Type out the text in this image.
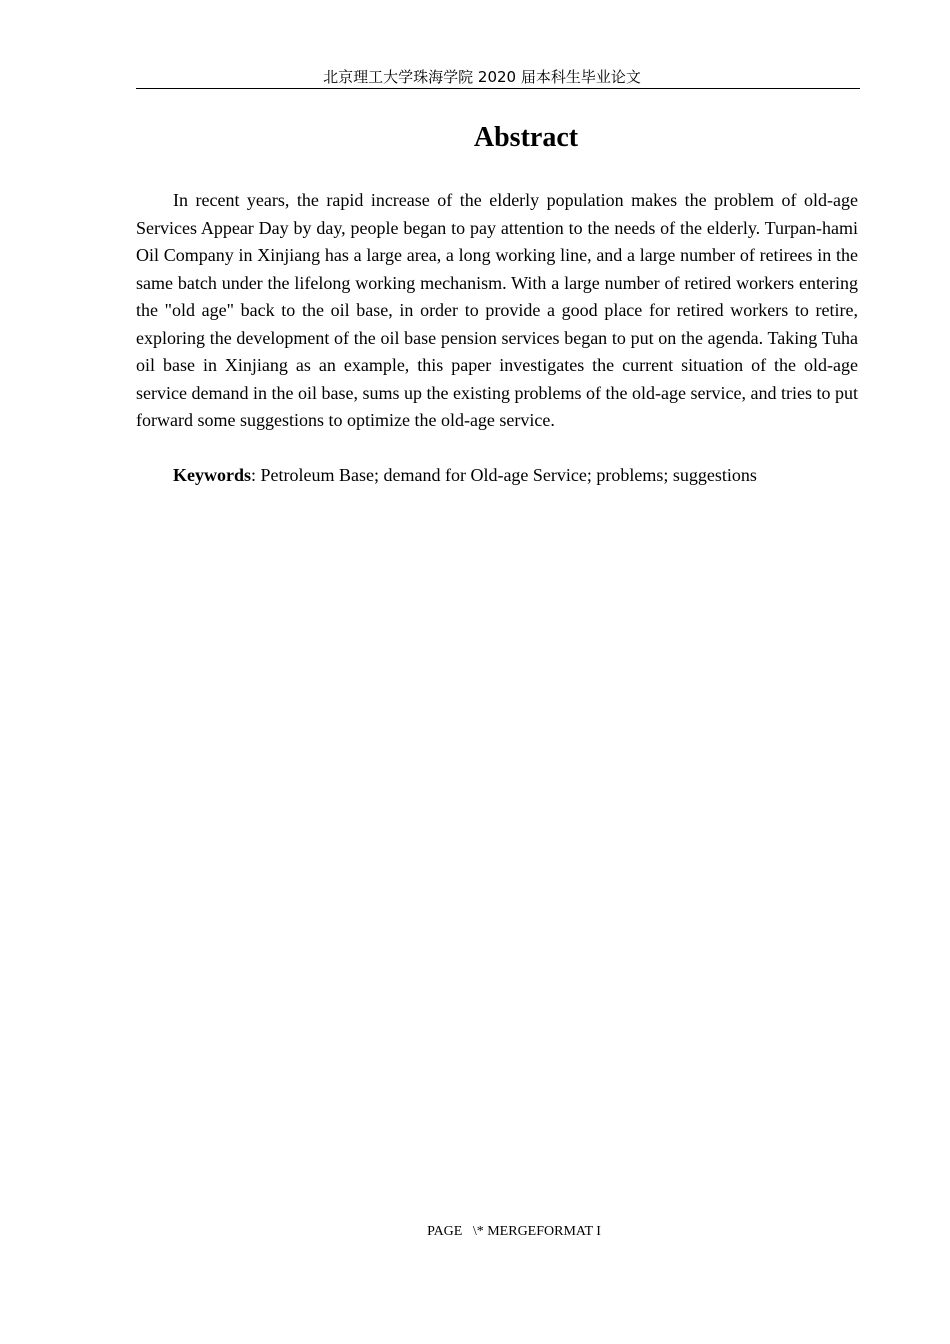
北京理工大学珠海学院 2020 届本科生毕业论文
Abstract

In recent years, the rapid increase of the elderly population makes the problem of old-age Services Appear Day by day, people began to pay attention to the needs of the elderly. Turpan-hami Oil Company in Xinjiang has a large area, a long working line, and a large number of retirees in the same batch under the lifelong working mechanism. With a large number of retired workers entering the "old age" back to the oil base, in order to provide a good place for retired workers to retire, exploring the development of the oil base pension services began to put on the agenda. Taking Tuha oil base in Xinjiang as an example, this paper investigates the current situation of the old-age service demand in the oil base, sums up the existing problems of the old-age service, and tries to put forward some suggestions to optimize the old-age service.

Keywords: Petroleum Base; demand for Old-age Service; problems; suggestions

PAGE   \* MERGEFORMAT I
